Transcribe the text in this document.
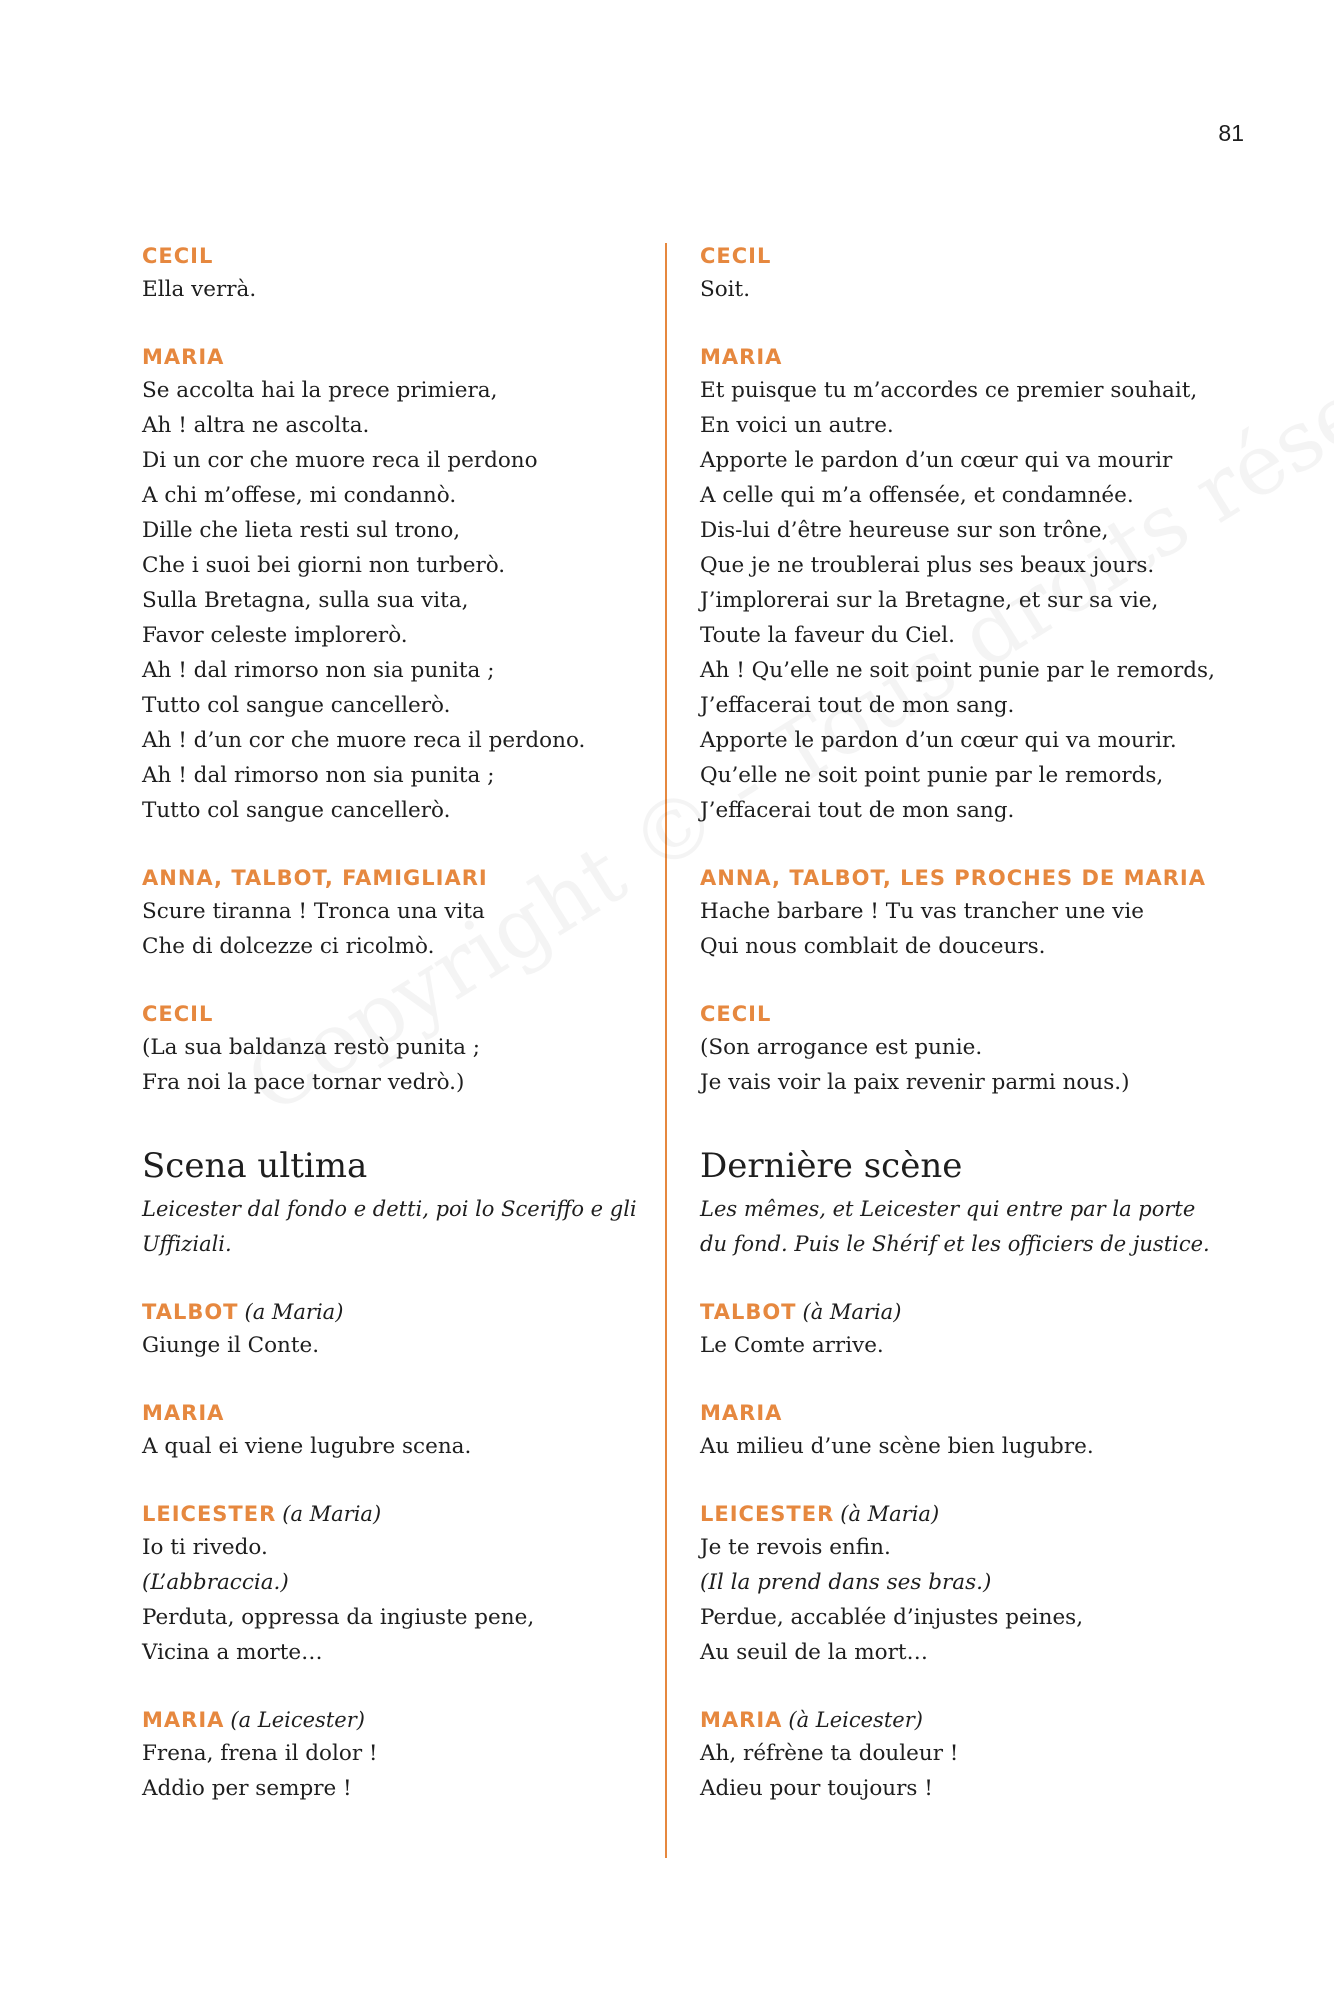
81

CECIL

Ella verrà.

MARIA

Se accolta hai la prece primiera,
Ah ! altra ne ascolta.
Di un cor che muore reca il perdono
A chi m’offese, mi condannò.
Dille che lieta resti sul trono,
Che i suoi bei giorni non turberò.
Sulla Bretagna, sulla sua vita,
Favor celeste implorerò.
Ah ! dal rimorso non sia punita ;
Tutto col sangue cancellerò.
Ah ! d’un cor che muore reca il perdono.
Ah ! dal rimorso non sia punita ;
Tutto col sangue cancellerò.

ANNA, TALBOT, FAMIGLIARI

Scure tiranna ! Tronca una vita
Che di dolcezze ci ricolmò.

CECIL

(La sua baldanza restò punita ;
Fra noi la pace tornar vedrò.)
Scena ultima

Leicester dal fondo e detti, poi lo Sceriffo e gli Uffiziali.

TALBOT (a Maria)

Giunge il Conte.

MARIA

A qual ei viene lugubre scena.

LEICESTER (a Maria)

Io ti rivedo.
(L’abbraccia.)
Perduta, oppressa da ingiuste pene,
Vicina a morte…

MARIA (a Leicester)

Frena, frena il dolor !
Addio per sempre !

CECIL

Soit.

MARIA

Et puisque tu m’accordes ce premier souhait,
En voici un autre.
Apporte le pardon d’un cœur qui va mourir
A celle qui m’a offensée, et condamnée.
Dis-lui d’être heureuse sur son trône,
Que je ne troublerai plus ses beaux jours.
J’implorerai sur la Bretagne, et sur sa vie,
Toute la faveur du Ciel.
Ah ! Qu’elle ne soit point punie par le remords,
J’effacerai tout de mon sang.
Apporte le pardon d’un cœur qui va mourir.
Qu’elle ne soit point punie par le remords,
J’effacerai tout de mon sang.

ANNA, TALBOT, LES PROCHES DE MARIA

Hache barbare ! Tu vas trancher une vie
Qui nous comblait de douceurs.

CECIL

(Son arrogance est punie.
Je vais voir la paix revenir parmi nous.)
Dernière scène

Les mêmes, et Leicester qui entre par la porte du fond. Puis le Shérif et les officiers de justice.

TALBOT (à Maria)

Le Comte arrive.

MARIA

Au milieu d’une scène bien lugubre.

LEICESTER (à Maria)

Je te revois enfin.
(Il la prend dans ses bras.)
Perdue, accablée d’injustes peines,
Au seuil de la mort…

MARIA (à Leicester)

Ah, réfrène ta douleur !
Adieu pour toujours !
